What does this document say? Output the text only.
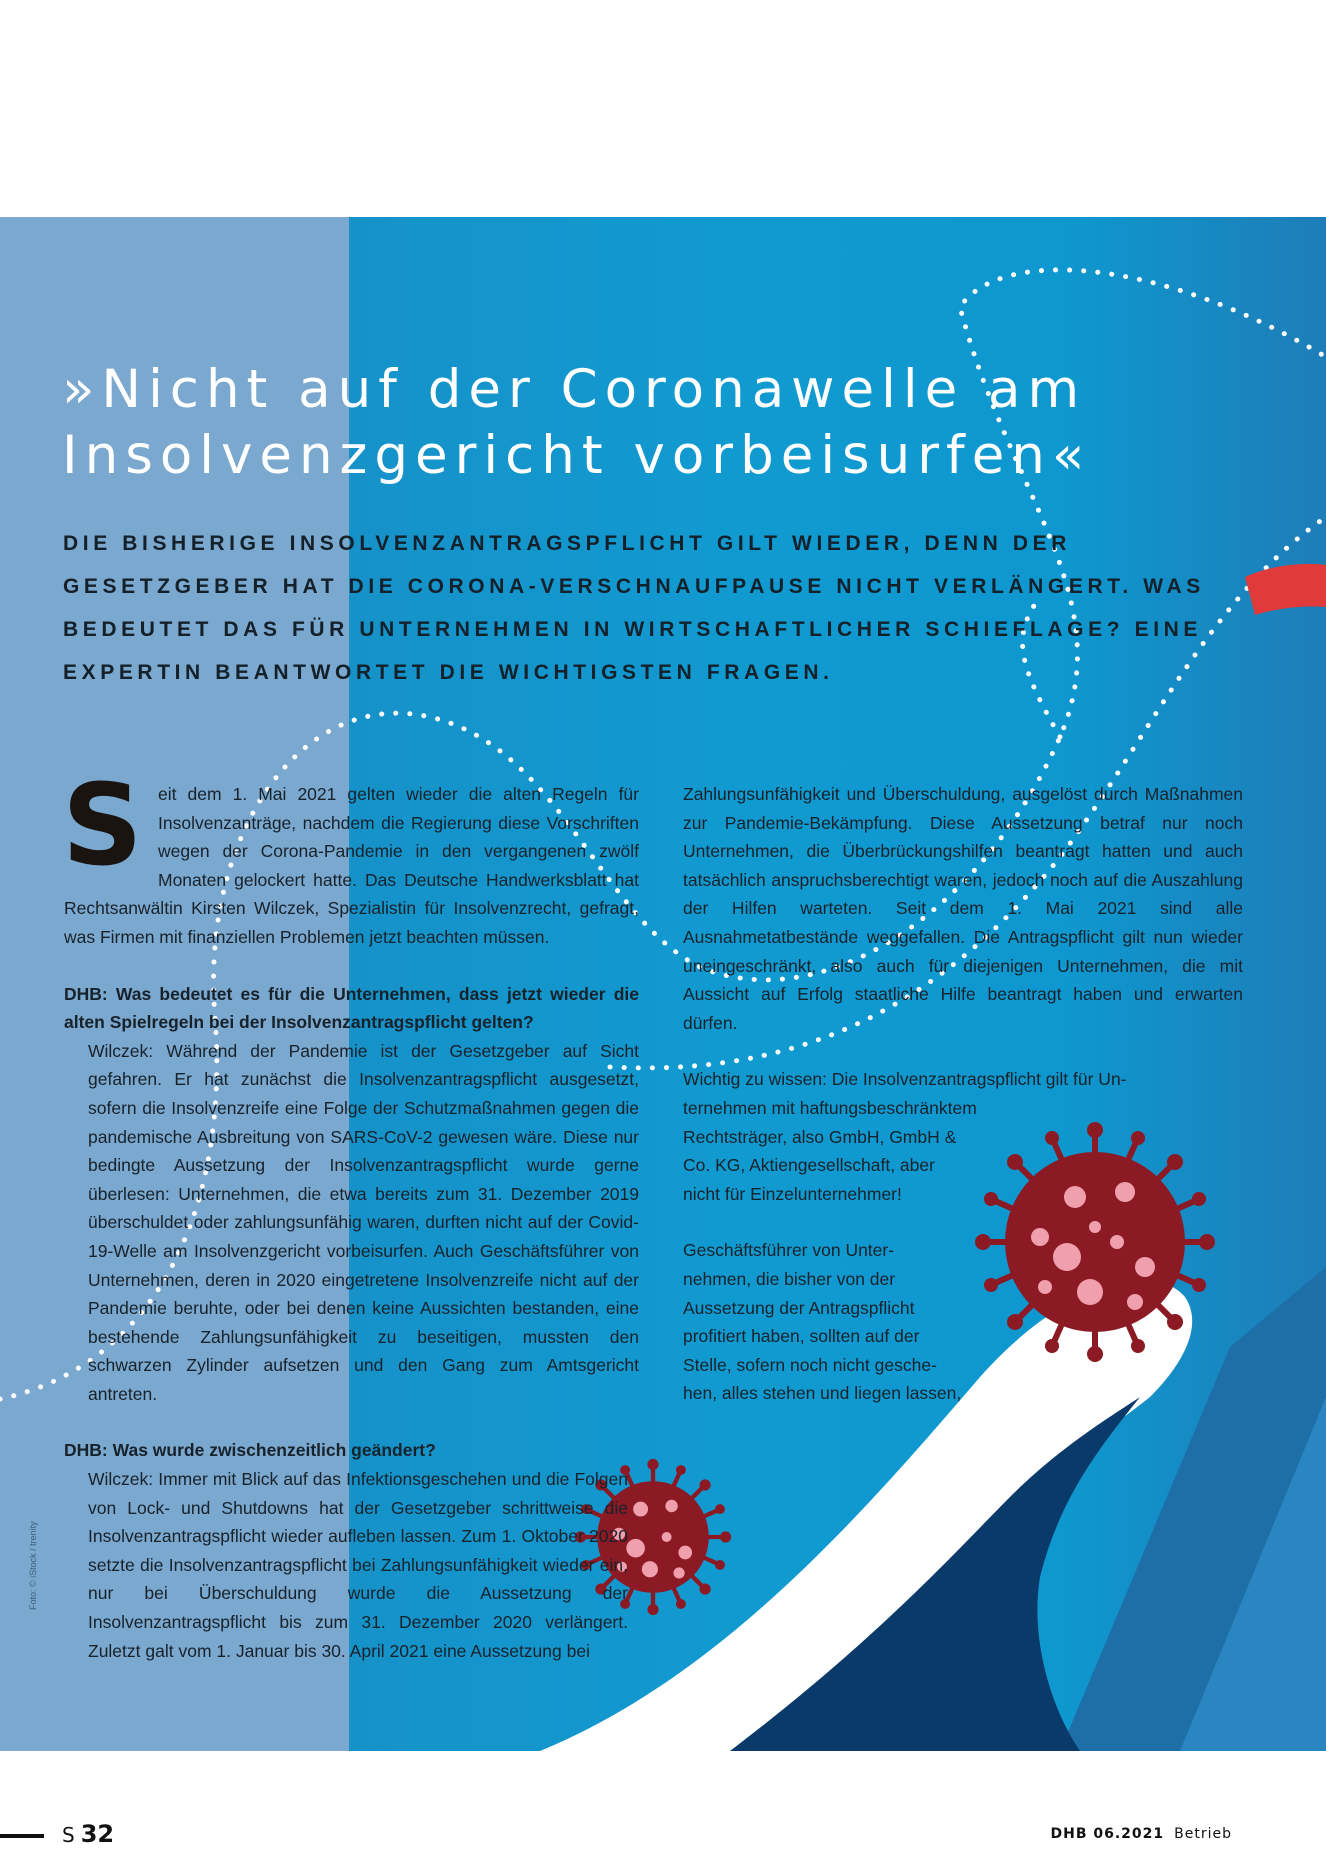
»Nicht auf der Coronawelle am
Insolvenzgericht vorbeisurfen«

DIE BISHERIGE INSOLVENZANTRAGSPFLICHT GILT WIEDER, DENN DER GESETZGEBER HAT DIE CORONA-VERSCHNAUFPAUSE NICHT VERLÄNGERT. WAS BEDEUTET DAS FÜR UNTERNEHMEN IN WIRTSCHAFTLICHER SCHIEFLAGE? EINE EXPERTIN BEANTWORTET DIE WICHTIGSTEN FRAGEN.

Seit dem 1. Mai 2021 gelten wieder die alten Regeln für Insolvenzanträge, nachdem die Regierung diese Vorschriften wegen der Corona-Pandemie in den vergangenen zwölf Monaten gelockert hatte. Das Deutsche Handwerksblatt hat Rechtsanwältin Kirsten Wilczek, Spezialistin für Insolvenzrecht, gefragt, was Firmen mit finanziellen Problemen jetzt beachten müssen.

DHB: Was bedeutet es für die Unternehmen, dass jetzt wieder die alten Spielregeln bei der Insolvenzantragspflicht gelten?

Wilczek: Während der Pandemie ist der Gesetzgeber auf Sicht gefahren. Er hat zunächst die Insolvenzantragspflicht ausgesetzt, sofern die Insolvenzreife eine Folge der Schutzmaßnahmen gegen die pandemische Ausbreitung von SARS-CoV-2 gewesen wäre. Diese nur bedingte Aussetzung der Insolvenzantragspflicht wurde gerne überlesen: Unternehmen, die etwa bereits zum 31. Dezember 2019 überschuldet oder zahlungsunfähig waren, durften nicht auf der Covid-19-Welle am Insolvenzgericht vorbeisurfen. Auch Geschäftsführer von Unternehmen, deren in 2020 eingetretene Insolvenzreife nicht auf der Pandemie beruhte, oder bei denen keine Aussichten bestanden, eine bestehende Zahlungsunfähigkeit zu beseitigen, mussten den schwarzen Zylinder aufsetzen und den Gang zum Amtsgericht antreten.

DHB: Was wurde zwischenzeitlich geändert?

Wilczek: Immer mit Blick auf das Infektionsgeschehen und die Folgen von Lock- und Shutdowns hat der Gesetzgeber schrittweise die Insolvenzantragspflicht wieder aufleben lassen. Zum 1. Oktober 2020 setzte die Insolvenzantragspflicht bei Zahlungsunfähigkeit wieder ein, nur bei Überschuldung wurde die Aussetzung der Insolvenzantragspflicht bis zum 31. Dezember 2020 verlängert. Zuletzt galt vom 1. Januar bis 30. April 2021 eine Aussetzung bei

Zahlungsunfähigkeit und Überschuldung, ausgelöst durch Maßnahmen zur Pandemie-Bekämpfung. Diese Aussetzung betraf nur noch Unternehmen, die Überbrückungshilfen beantragt hatten und auch tatsächlich anspruchsberechtigt waren, jedoch noch auf die Auszahlung der Hilfen warteten. Seit dem 1. Mai 2021 sind alle Ausnahmetatbestände weggefallen. Die Antragspflicht gilt nun wieder uneingeschränkt, also auch für diejenigen Unternehmen, die mit Aussicht auf Erfolg staatliche Hilfe beantragt haben und erwarten dürfen.

Wichtig zu wissen: Die Insolvenzantragspflicht gilt für Un-
ternehmen mit haftungsbeschränktem
Rechtsträger, also GmbH, GmbH &
Co. KG, Aktiengesellschaft, aber
nicht für Einzelunternehmer!

Geschäftsführer von Unter-
nehmen, die bisher von der
Aussetzung der Antragspflicht
profitiert haben, sollten auf der
Stelle, sofern noch nicht gesche-
hen, alles stehen und liegen lassen,

Foto: © iStock / trenity
S 32	DHB 06.2021 Betrieb
